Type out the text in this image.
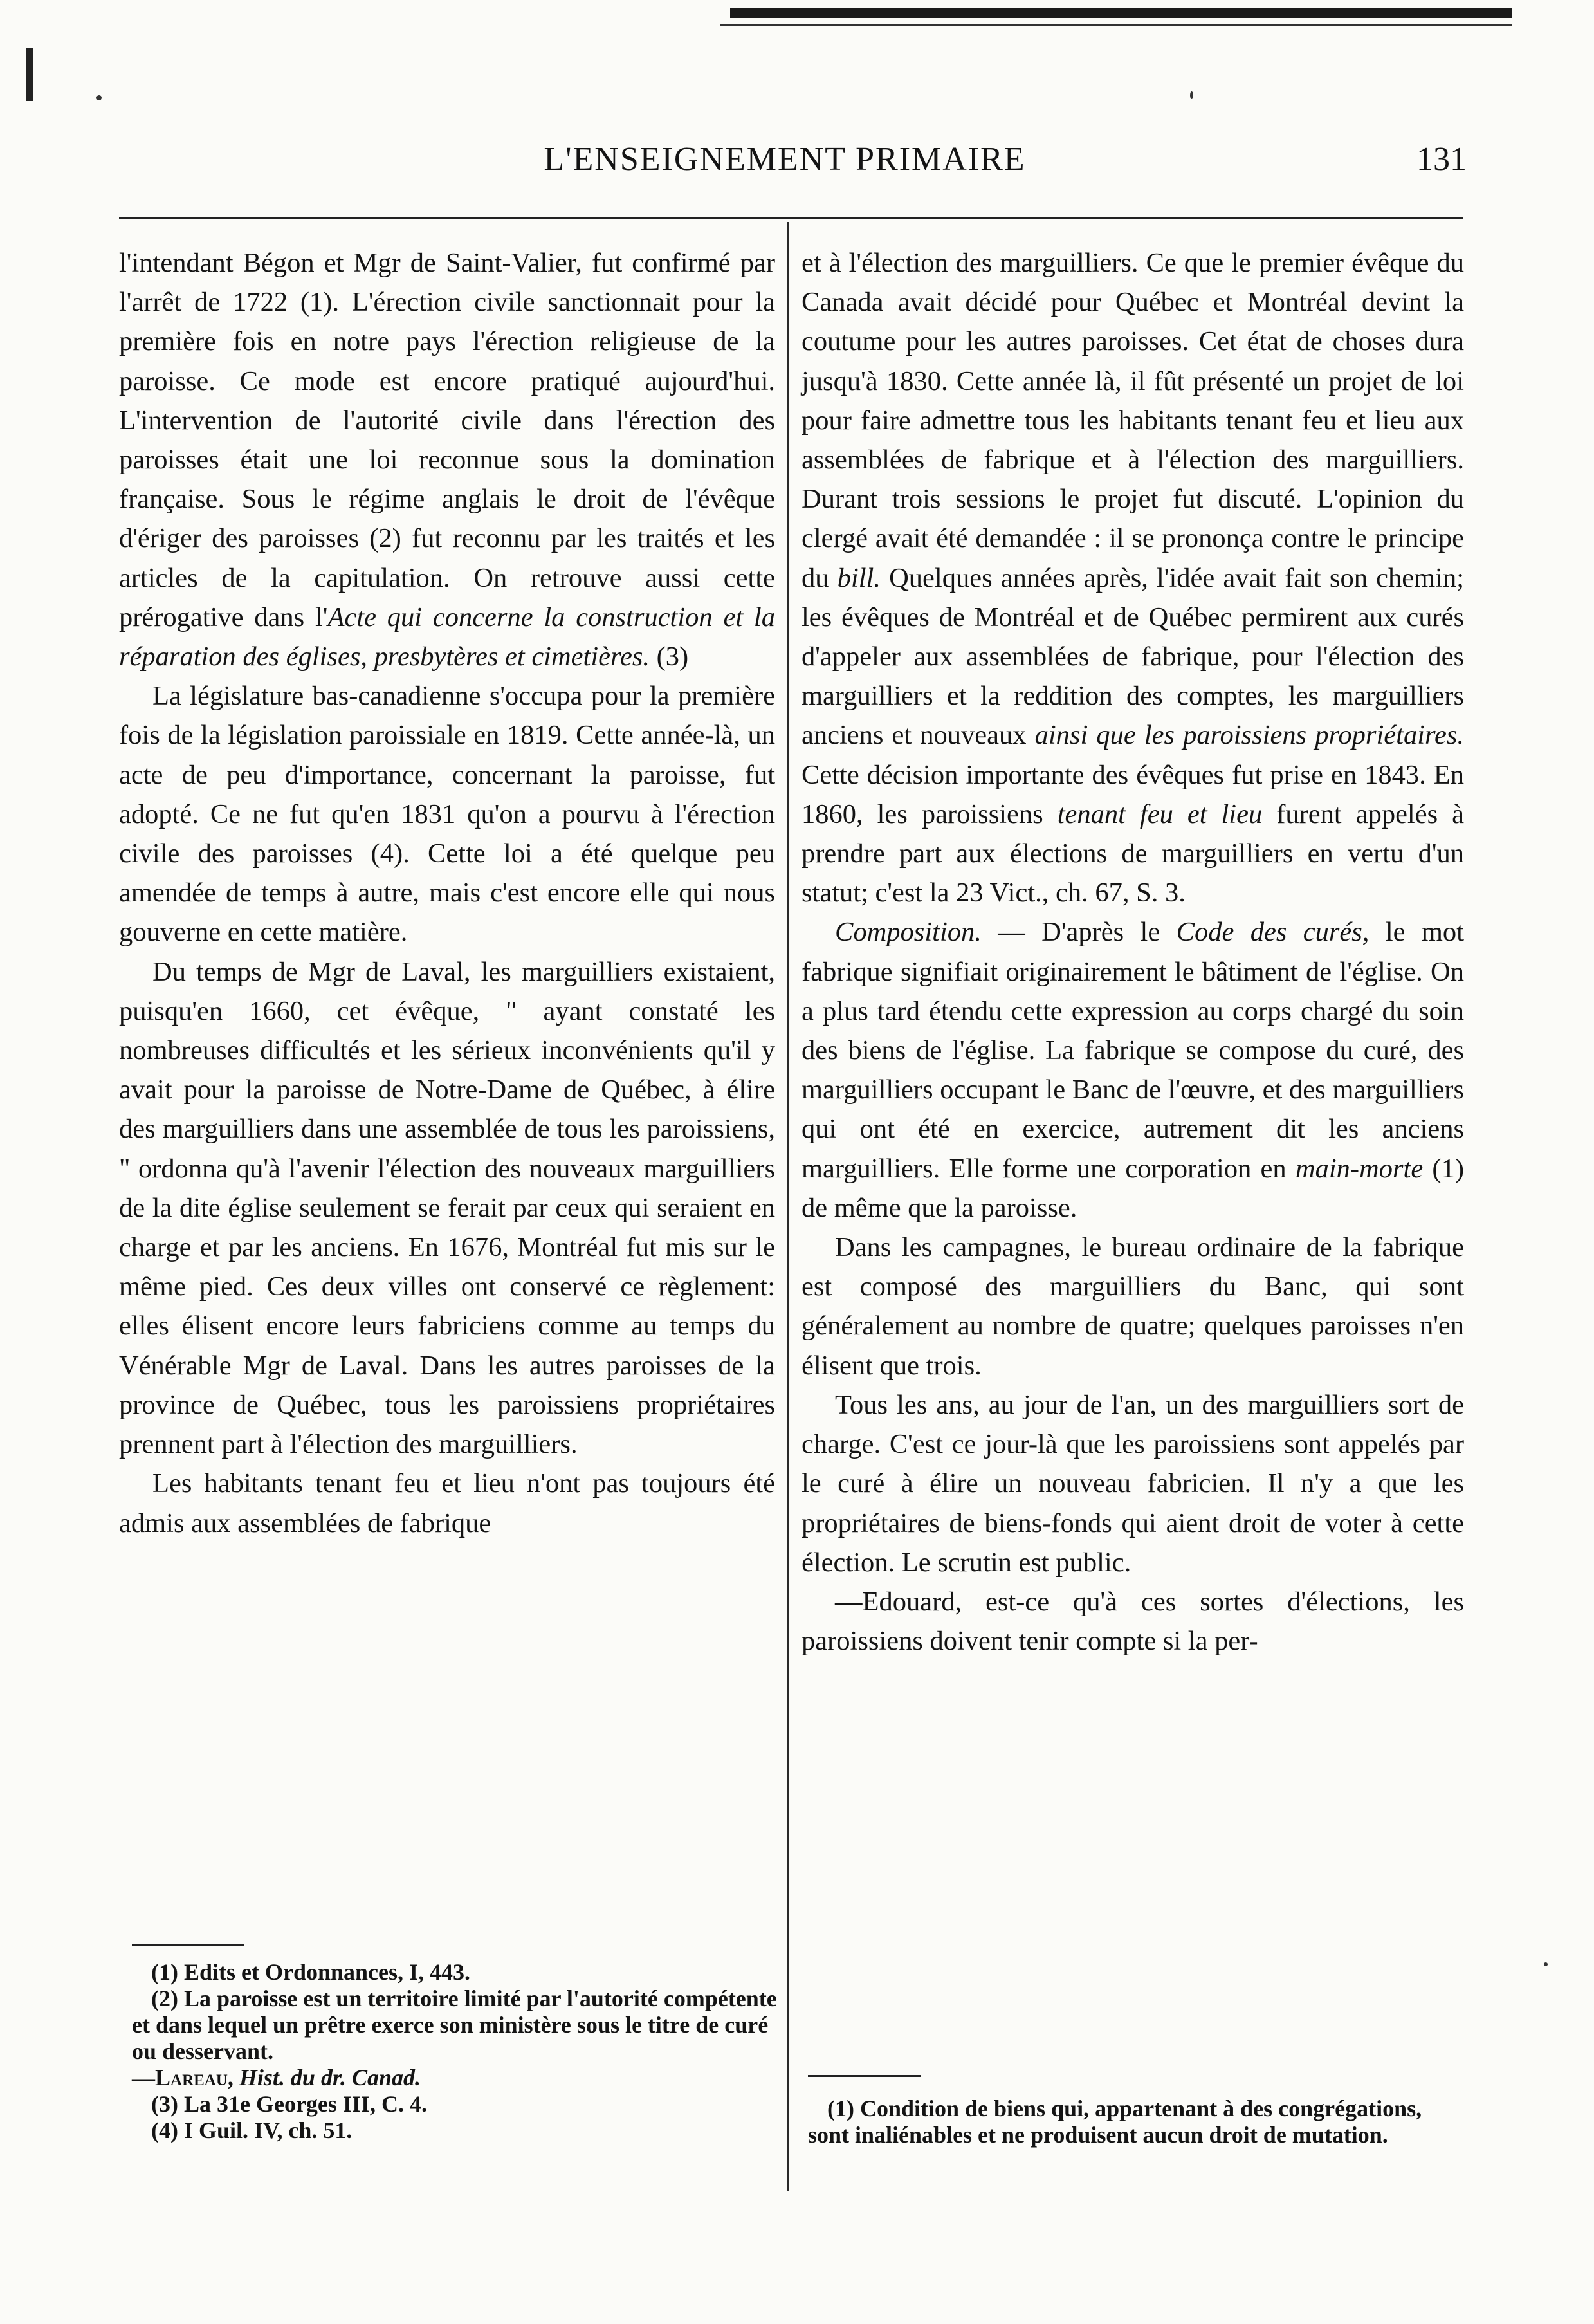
L'ENSEIGNEMENT PRIMAIRE	131

l'intendant Bégon et Mgr de Saint-Valier, fut confirmé par l'arrêt de 1722 (1). L'érection civile sanctionnait pour la première fois en notre pays l'érection religieuse de la paroisse. Ce mode est encore pratiqué aujourd'hui. L'intervention de l'autorité civile dans l'érection des paroisses était une loi reconnue sous la domination française. Sous le régime anglais le droit de l'évêque d'ériger des paroisses (2) fut reconnu par les traités et les articles de la capitulation. On retrouve aussi cette prérogative dans l'Acte qui concerne la construction et la réparation des églises, presbytères et cimetières. (3)

La législature bas-canadienne s'occupa pour la première fois de la législation paroissiale en 1819. Cette année-là, un acte de peu d'importance, concernant la paroisse, fut adopté. Ce ne fut qu'en 1831 qu'on a pourvu à l'érection civile des paroisses (4). Cette loi a été quelque peu amendée de temps à autre, mais c'est encore elle qui nous gouverne en cette matière.

Du temps de Mgr de Laval, les marguilliers existaient, puisqu'en 1660, cet évêque, " ayant constaté les nombreuses difficultés et les sérieux inconvénients qu'il y avait pour la paroisse de Notre-Dame de Québec, à élire des marguilliers dans une assemblée de tous les paroissiens, " ordonna qu'à l'avenir l'élection des nouveaux marguilliers de la dite église seulement se ferait par ceux qui seraient en charge et par les anciens. En 1676, Montréal fut mis sur le même pied. Ces deux villes ont conservé ce règlement: elles élisent encore leurs fabriciens comme au temps du Vénérable Mgr de Laval. Dans les autres paroisses de la province de Québec, tous les paroissiens propriétaires prennent part à l'élection des marguilliers.

Les habitants tenant feu et lieu n'ont pas toujours été admis aux assemblées de fabrique

et à l'élection des marguilliers. Ce que le premier évêque du Canada avait décidé pour Québec et Montréal devint la coutume pour les autres paroisses. Cet état de choses dura jusqu'à 1830. Cette année là, il fût présenté un projet de loi pour faire admettre tous les habitants tenant feu et lieu aux assemblées de fabrique et à l'élection des marguilliers. Durant trois sessions le projet fut discuté. L'opinion du clergé avait été demandée : il se prononça contre le principe du bill. Quelques années après, l'idée avait fait son chemin; les évêques de Montréal et de Québec permirent aux curés d'appeler aux assemblées de fabrique, pour l'élection des marguilliers et la reddition des comptes, les marguilliers anciens et nouveaux ainsi que les paroissiens propriétaires. Cette décision importante des évêques fut prise en 1843. En 1860, les paroissiens tenant feu et lieu furent appelés à prendre part aux élections de marguilliers en vertu d'un statut; c'est la 23 Vict., ch. 67, S. 3.

Composition. — D'après le Code des curés, le mot fabrique signifiait originairement le bâtiment de l'église. On a plus tard étendu cette expression au corps chargé du soin des biens de l'église. La fabrique se compose du curé, des marguilliers occupant le Banc de l'œuvre, et des marguilliers qui ont été en exercice, autrement dit les anciens marguilliers. Elle forme une corporation en main-morte (1) de même que la paroisse.

Dans les campagnes, le bureau ordinaire de la fabrique est composé des marguilliers du Banc, qui sont généralement au nombre de quatre; quelques paroisses n'en élisent que trois.

Tous les ans, au jour de l'an, un des marguilliers sort de charge. C'est ce jour-là que les paroissiens sont appelés par le curé à élire un nouveau fabricien. Il n'y a que les propriétaires de biens-fonds qui aient droit de voter à cette élection. Le scrutin est public.

—Edouard, est-ce qu'à ces sortes d'élections, les paroissiens doivent tenir compte si la per-

(1) Edits et Ordonnances, I, 443.
(2) La paroisse est un territoire limité par l'autorité compétente et dans lequel un prêtre exerce son ministère sous le titre de curé ou desservant.
—Lareau, Hist. du dr. Canad.
(3) La 31e Georges III, C. 4.
(4) I Guil. IV, ch. 51.
(1) Condition de biens qui, appartenant à des congrégations, sont inaliénables et ne produisent aucun droit de mutation.
